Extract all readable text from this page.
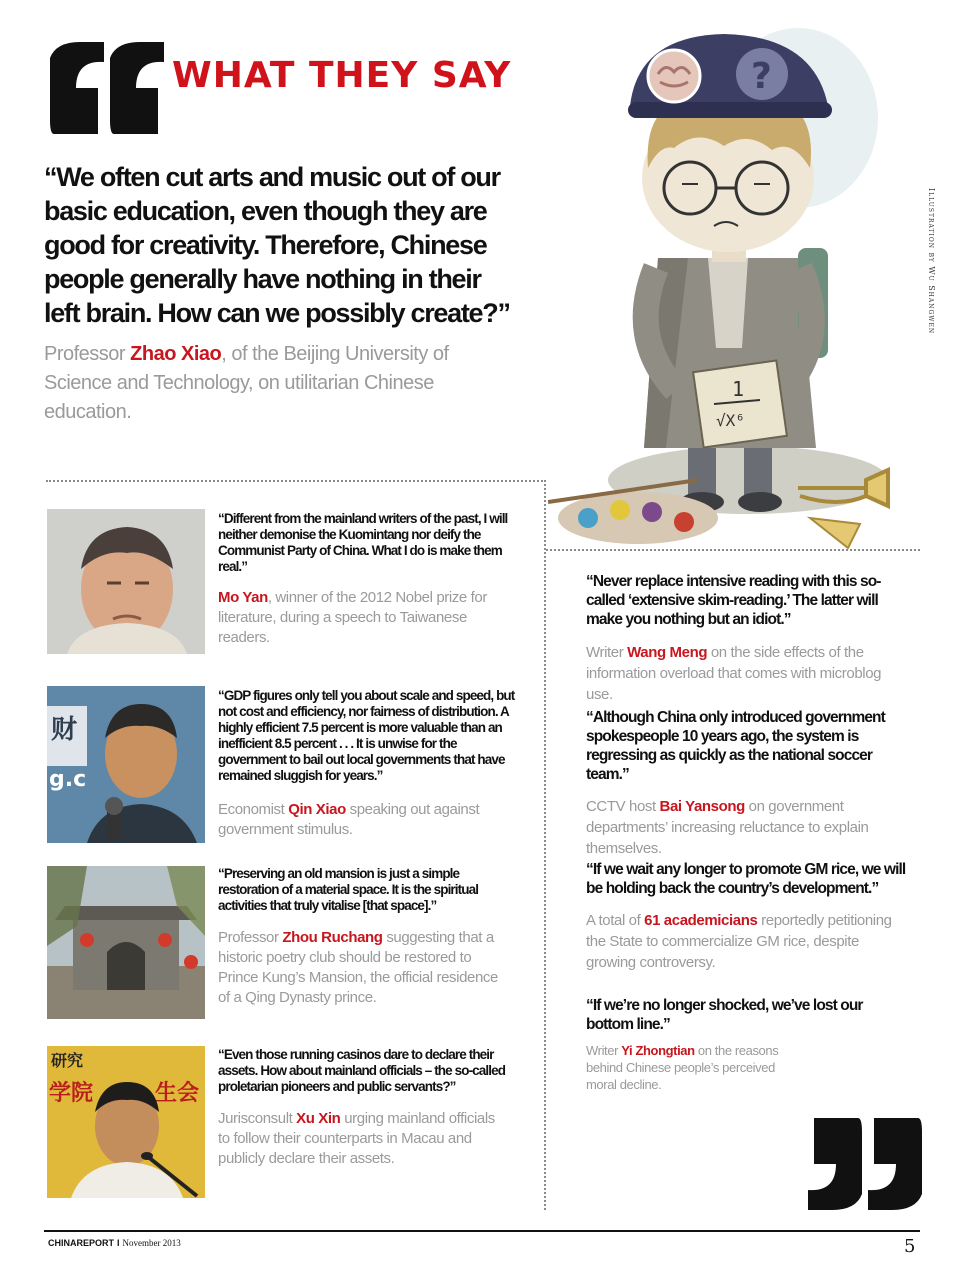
WHAT THEY SAY
“We often cut arts and music out of our basic education, even though they are good for creativity. Therefore, Chinese people generally have nothing in their left brain. How can we possibly create?”
Professor Zhao Xiao, of the Beijing University of Science and Technology, on utilitarian Chinese education.
1
√X⁶
?
Illustration by Wu Shangwen
财
g.c
研究
学院	生会
“Different from the mainland writers of the past, I will neither demonise the Kuomintang nor deify the Communist Party of China. What I do is make them real.”
Mo Yan, winner of the 2012 Nobel prize for literature, during a speech to Taiwanese readers.
“GDP figures only tell you about scale and speed, but not cost and efficiency, nor fairness of distribution. A highly efficient 7.5 percent is more valuable than an inefficient 8.5 percent . . . It is unwise for the government to bail out local governments that have remained sluggish for years.”
Economist Qin Xiao speaking out against government stimulus.
“Preserving an old mansion is just a simple restoration of a material space. It is the spiritual activities that truly vitalise [that space].”
Professor Zhou Ruchang suggesting that a historic poetry club should be restored to Prince Kung’s Mansion, the official residence of a Qing Dynasty prince.
“Even those running casinos dare to declare their assets. How about mainland officials – the so-called proletarian pioneers and public servants?”
Jurisconsult Xu Xin urging mainland officials to follow their counterparts in Macau and publicly declare their assets.
“Never replace intensive reading with this so-called ‘extensive skim-reading.’ The latter will make you nothing but an idiot.”
Writer Wang Meng on the side effects of the information overload that comes with microblog use.
“Although China only introduced government spokespeople 10 years ago, the system is regressing as quickly as the national soccer team.”
CCTV host Bai Yansong on government departments’ increasing reluctance to explain themselves.
“If we wait any longer to promote GM rice, we will be holding back the country’s development.”
A total of 61 academicians reportedly petitioning the State to commercialize GM rice, despite growing controversy.
“If we’re no longer shocked, we’ve lost our bottom line.”
Writer Yi Zhongtian on the reasons behind Chinese people’s perceived moral decline.
CHINAREPORT I November 2013	5
